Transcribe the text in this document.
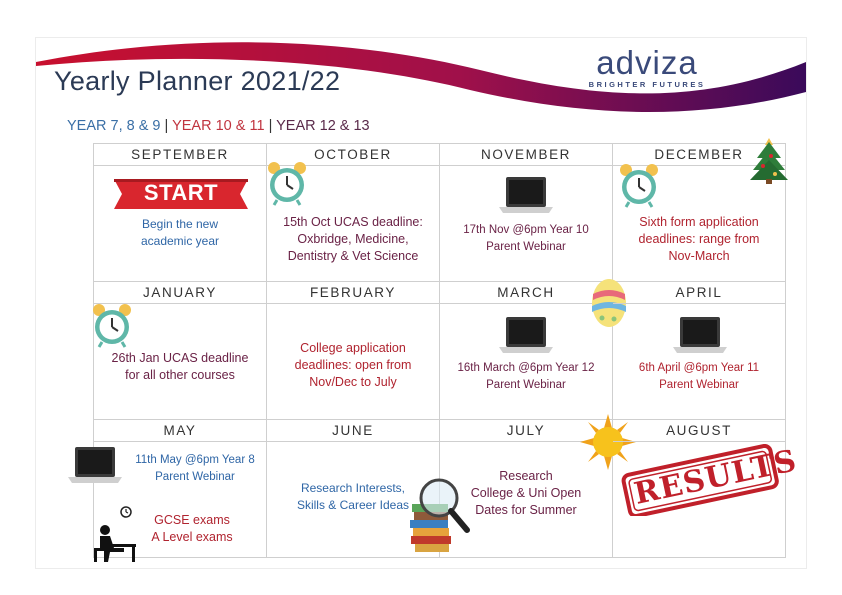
Yearly Planner 2021/22	adviza
BRIGHTER FUTURES
YEAR 7, 8 & 9 | YEAR 10 & 11 | YEAR 12 & 13
SEPTEMBER
START
Begin the new
academic year
OCTOBER
15th Oct UCAS deadline:
Oxbridge, Medicine,
Dentistry & Vet Science
NOVEMBER
17th Nov @6pm Year 10
Parent Webinar
DECEMBER
Sixth form application
deadlines: range from
Nov-March
JANUARY
26th Jan UCAS deadline
for all other courses
FEBRUARY
College application
deadlines: open from
Nov/Dec to July
MARCH
16th March @6pm Year 12
Parent Webinar
APRIL
6th April @6pm Year 11
Parent Webinar
MAY
11th May @6pm Year 8
Parent Webinar
GCSE exams
A Level exams
JUNE
Research Interests,
Skills & Career Ideas
JULY
Research
College & Uni Open
Dates for Summer
AUGUST
RESULTS
